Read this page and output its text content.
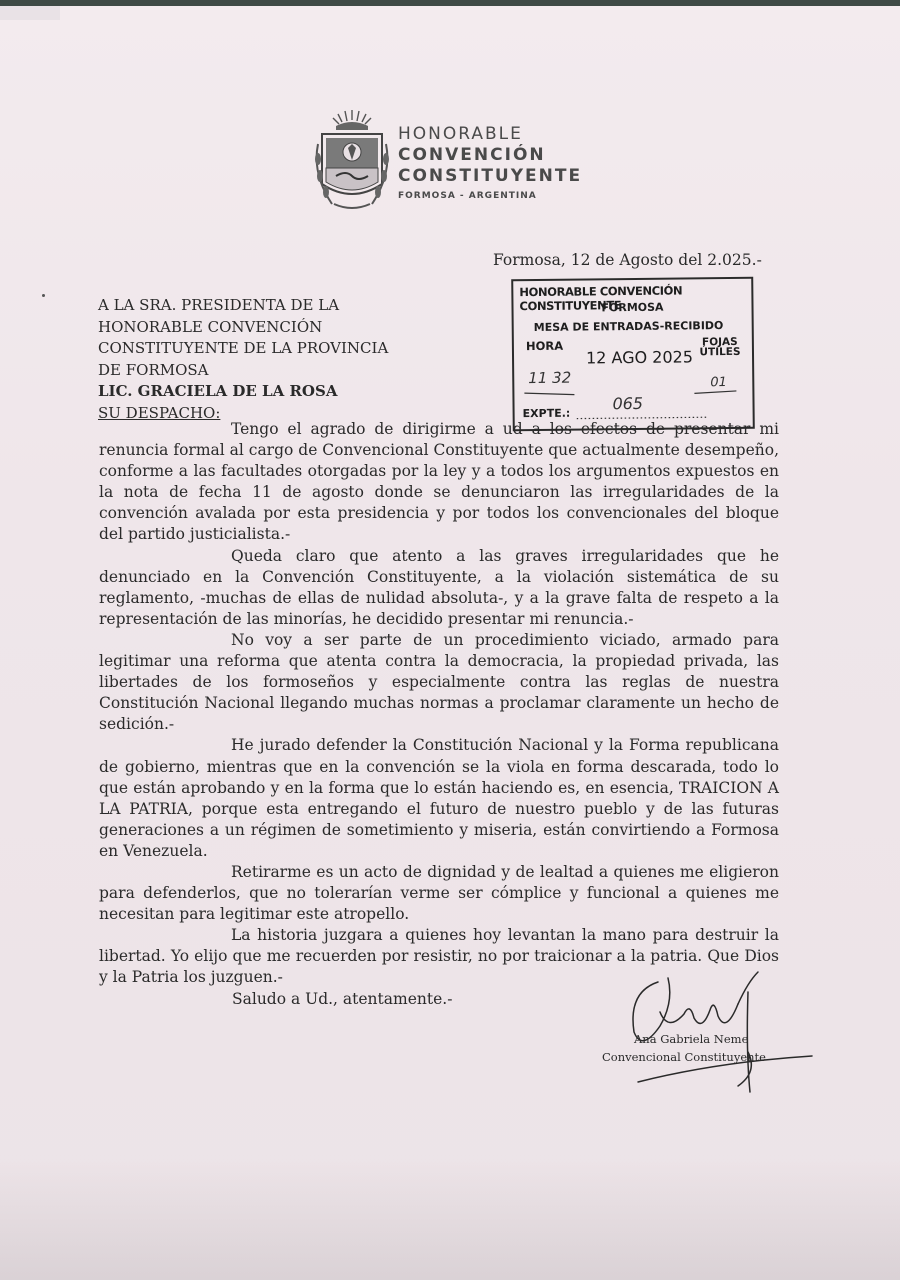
HONORABLE
CONVENCIÓN
CONSTITUYENTE
FORMOSA - ARGENTINA
Formosa, 12 de Agosto del 2.025.-
A LA SRA. PRESIDENTA DE LA
HONORABLE CONVENCIÓN
CONSTITUYENTE DE LA PROVINCIA
DE FORMOSA
LIC. GRACIELA DE LA ROSA
SU DESPACHO:
HONORABLE CONVENCIÓN CONSTITUYENTE
FORMOSA
MESA DE ENTRADAS-RECIBIDO
HORA
12 AGO 2025
FOJAS ÚTILES
11 32	01
EXPTE.:
065

Tengo el agrado de dirigirme a ud a los efectos de presentar mi renuncia formal al cargo de Convencional Constituyente que actualmente desempeño, conforme a las facultades otorgadas por la ley y a todos los argumentos expuestos en la nota de fecha 11 de agosto donde se denunciaron las irregularidades de la convención avalada por esta presidencia y por todos los convencionales del bloque del partido justicialista.-

Queda claro que atento a las graves irregularidades que he denunciado en la Convención Constituyente, a la violación sistemática de su reglamento, -muchas de ellas de nulidad absoluta-, y a la grave falta de respeto a la representación de las minorías, he decidido presentar mi renuncia.-

No voy a ser parte de un procedimiento viciado, armado para legitimar una reforma que atenta contra la democracia, la propiedad privada, las libertades de los formoseños y especialmente contra las reglas de nuestra Constitución Nacional llegando muchas normas a proclamar claramente un hecho de sedición.-

He jurado defender la Constitución Nacional y la Forma republicana de gobierno, mientras que en la convención se la viola en forma descarada, todo lo que están aprobando y en la forma que lo están haciendo es, en esencia, TRAICION A LA PATRIA, porque esta entregando el futuro de nuestro pueblo y de las futuras generaciones a un régimen de sometimiento y miseria, están convirtiendo a Formosa en Venezuela.

Retirarme es un acto de dignidad y de lealtad a quienes me eligieron para defenderlos, que no tolerarían verme ser cómplice y funcional a quienes me necesitan para legitimar este atropello.

La historia juzgara a quienes hoy levantan la mano para destruir la libertad. Yo elijo que me recuerden por resistir, no por traicionar a la patria. Que Dios y la Patria los juzguen.-

Saludo a Ud., atentamente.-
Ana Gabriela Neme
Convencional Constituyente
